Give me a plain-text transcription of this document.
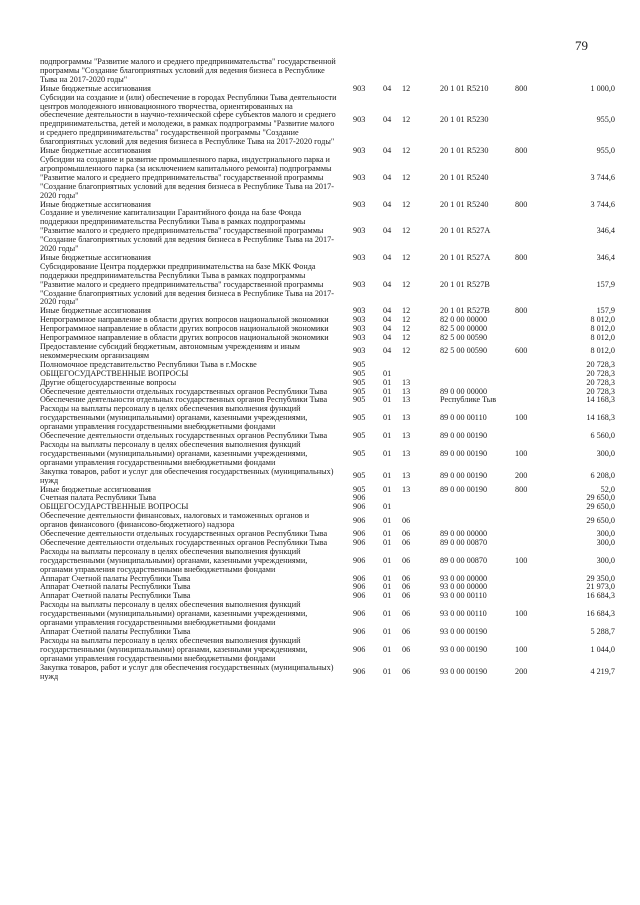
79
подпрограммы "Развитие малого и среднего предпринимательства" государственной программы "Создание благоприятных условий для ведения бизнеса в Республике Тыва на 2017-2020 годы"
Иные бюджетные ассигнования	903 04 12	20 1 01 R5210	800	1 000,0
Субсидии на создание и (или) обеспечение в городах Республики Тыва деятельности центров молодежного инновационного творчества, ориентированных на обеспечение деятельности в научно-технической сфере субъектов малого и среднего предпринимательства, детей и молодежи, в рамках подпрограммы "Развитие малого и среднего предпринимательства" государственной программы "Создание благоприятных условий для ведения бизнеса в Республике Тыва на 2017-2020 годы"
903 04 12	20 1 01 R5230	955,0
Иные бюджетные ассигнования	903 04 12	20 1 01 R5230	800	955,0
Субсидии на создание и развитие промышленного парка, индустриального парка и агропромышленного парка (за исключением капитального ремонта) подпрограммы "Развитие малого и среднего предпринимательства" государственной программы "Создание благоприятных условий для ведения бизнеса в Республике Тыва на 2017-2020 годы"
903 04 12	20 1 01 R5240	3 744,6
Иные бюджетные ассигнования	903 04 12	20 1 01 R5240	800	3 744,6
Создание и увеличение капитализации Гарантийного фонда на базе Фонда поддержки предпринимательства Республики Тыва в рамках подпрограммы "Развитие малого и среднего предпринимательства" государственной программы "Создание благоприятных условий для ведения бизнеса в Республике Тыва на 2017-2020 годы"
903 04 12	20 1 01 R527А	346,4
Иные бюджетные ассигнования	903 04 12	20 1 01 R527А	800	346,4
Субсидирование Центра поддержки предпринимательства на базе МКК Фонда поддержки предпринимательства Республики Тыва в рамках подпрограммы "Развитие малого и среднего предпринимательства" государственной программы "Создание благоприятных условий для ведения бизнеса в Республике Тыва на 2017-2020 годы"
903 04 12	20 1 01 R527В	157,9
Иные бюджетные ассигнования	903 04 12	20 1 01 R527В	800	157,9
Непрограммное направление в области других вопросов национальной экономики	903 04 12	82 0 00 00000	8 012,0
Непрограммное направление в области других вопросов национальной экономики	903 04 12	82 5 00 00000	8 012,0
Непрограммное направление в области других вопросов национальной экономики	903 04 12	82 5 00 00590	8 012,0
Предоставление субсидий бюджетным, автономным учреждениям и иным некоммерческим организациям	903 04 12	82 5 00 00590	600	8 012,0
Полномочное представительство Республики Тыва в г.Москве	905	20 728,3
ОБЩЕГОСУДАРСТВЕННЫЕ ВОПРОСЫ	905 01	20 728,3
Другие общегосударственные вопросы	905 01 13	20 728,3
Обеспечение деятельности отдельных государственных органов Республики Тыва	905 01 13	89 0 00 00000	20 728,3
Обеспечение деятельности отдельных государственных органов Республики Тыва	905 01 13	Республике Тыв	14 168,3
Расходы на выплаты персоналу в целях обеспечения выполнения функций государственными (муниципальными) органами, казенными учреждениями, органами управления государственными внебюджетными фондами
905 01 13	89 0 00 00110	100	14 168,3
Обеспечение деятельности отдельных государственных органов Республики Тыва	905 01 13	89 0 00 00190	6 560,0
Расходы на выплаты персоналу в целях обеспечения выполнения функций государственными (муниципальными) органами, казенными учреждениями, органами управления государственными внебюджетными фондами
905 01 13	89 0 00 00190	100	300,0
Закупка товаров, работ и услуг для обеспечения государственных (муниципальных) нужд	905 01 13	89 0 00 00190	200	6 208,0
Иные бюджетные ассигнования	905 01 13	89 0 00 00190	800	52,0
Счетная палата Республики Тыва	906	29 650,0
ОБЩЕГОСУДАРСТВЕННЫЕ ВОПРОСЫ	906 01	29 650,0
Обеспечение деятельности финансовых, налоговых и таможенных органов и органов финансового (финансово-бюджетного) надзора	906 01 06	29 650,0
Обеспечение деятельности отдельных государственных органов Республики Тыва	906 01 06	89 0 00 00000	300,0
Обеспечение деятельности отдельных государственных органов Республики Тыва	906 01 06	89 0 00 00870	300,0
Расходы на выплаты персоналу в целях обеспечения выполнения функций государственными (муниципальными) органами, казенными учреждениями, органами управления государственными внебюджетными фондами
906 01 06	89 0 00 00870	100	300,0
Аппарат Счетной палаты Республики Тыва	906 01 06	93 0 00 00000	29 350,0
Аппарат Счетной палаты Республики Тыва	906 01 06	93 0 00 00000	21 973,0
Аппарат Счетной палаты Республики Тыва	906 01 06	93 0 00 00110	16 684,3
Расходы на выплаты персоналу в целях обеспечения выполнения функций государственными (муниципальными) органами, казенными учреждениями, органами управления государственными внебюджетными фондами
906 01 06	93 0 00 00110	100	16 684,3
Аппарат Счетной палаты Республики Тыва	906 01 06	93 0 00 00190	5 288,7
Расходы на выплаты персоналу в целях обеспечения выполнения функций государственными (муниципальными) органами, казенными учреждениями, органами управления государственными внебюджетными фондами
906 01 06	93 0 00 00190	100	1 044,0
Закупка товаров, работ и услуг для обеспечения государственных (муниципальных) нужд	906 01 06	93 0 00 00190	200	4 219,7
